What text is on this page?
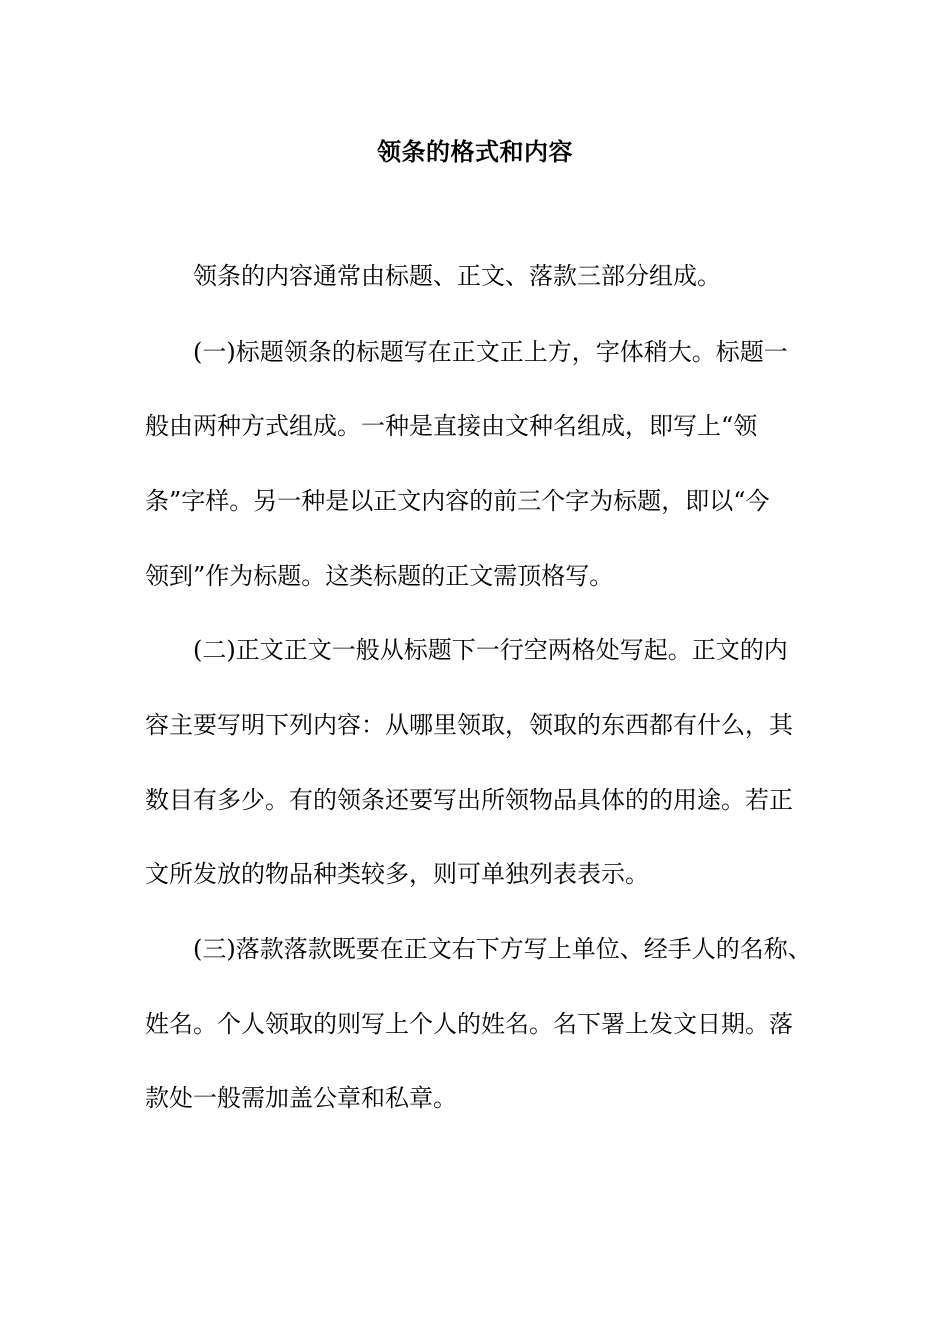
领条的格式和内容
领条的内容通常由标题、正文、落款三部分组成。
(一)标题领条的标题写在正文正上方，字体稍大。标题一
般由两种方式组成。一种是直接由文种名组成，即写上“领
条”字样。另一种是以正文内容的前三个字为标题，即以“今
领到”作为标题。这类标题的正文需顶格写。
(二)正文正文一般从标题下一行空两格处写起。正文的内
容主要写明下列内容：从哪里领取，领取的东西都有什么，其
数目有多少。有的领条还要写出所领物品具体的的用途。若正
文所发放的物品种类较多，则可单独列表表示。
(三)落款落款既要在正文右下方写上单位、经手人的名称、
姓名。个人领取的则写上个人的姓名。名下署上发文日期。落
款处一般需加盖公章和私章。
